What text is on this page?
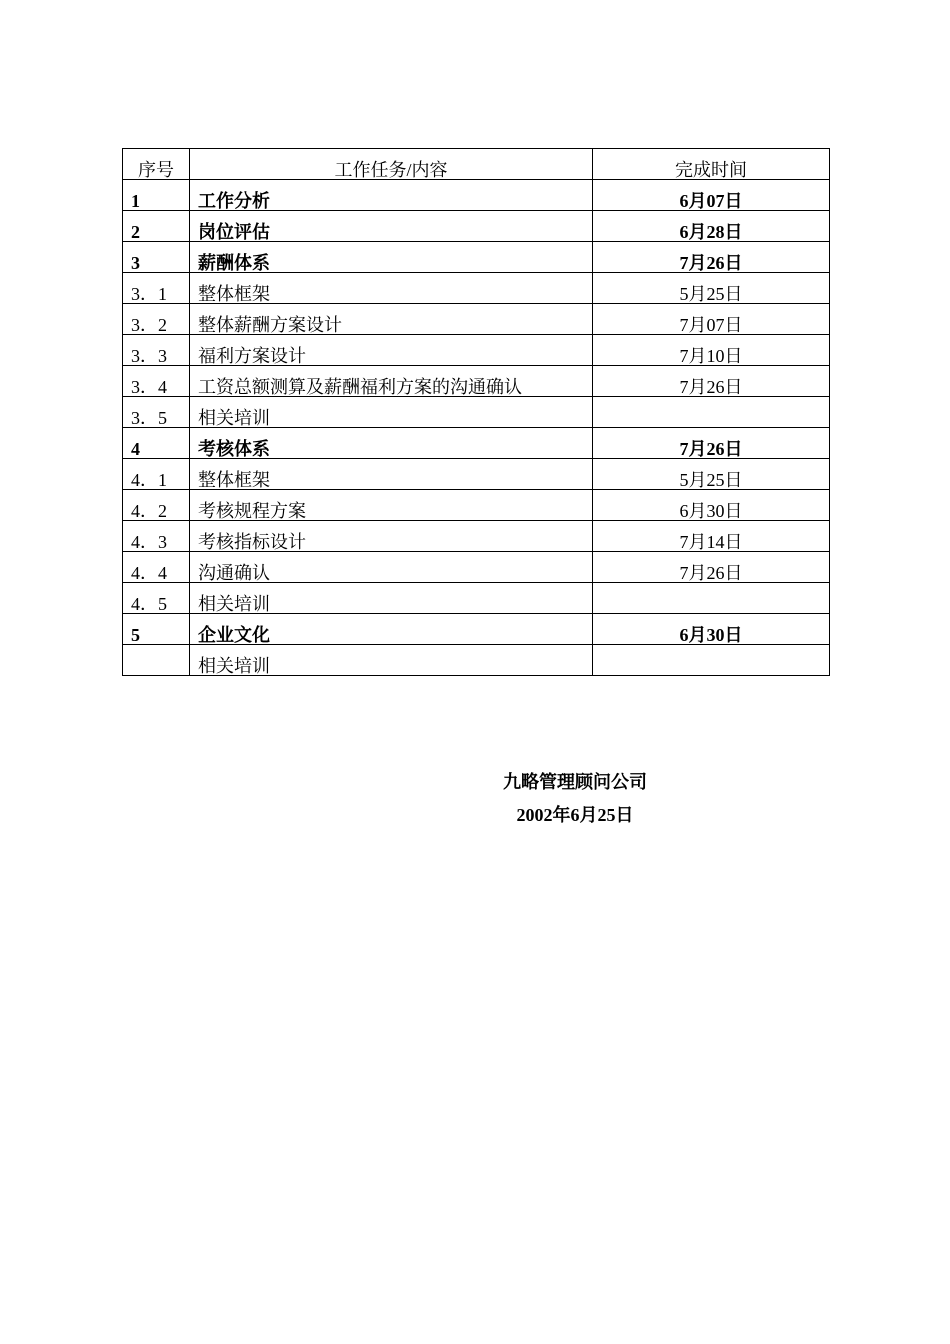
序号	工作任务/内容	完成时间
1	工作分析	6月07日
2	岗位评估	6月28日
3	薪酬体系	7月26日
3．1	整体框架	5月25日
3．2	整体薪酬方案设计	7月07日
3．3	福利方案设计	7月10日
3．4	工资总额测算及薪酬福利方案的沟通确认	7月26日
3．5	相关培训	
4	考核体系	7月26日
4．1	整体框架	5月25日
4．2	考核规程方案	6月30日
4．3	考核指标设计	7月14日
4．4	沟通确认	7月26日
4．5	相关培训	
5	企业文化	6月30日
	相关培训	
九略管理顾问公司
2002年6月25日
